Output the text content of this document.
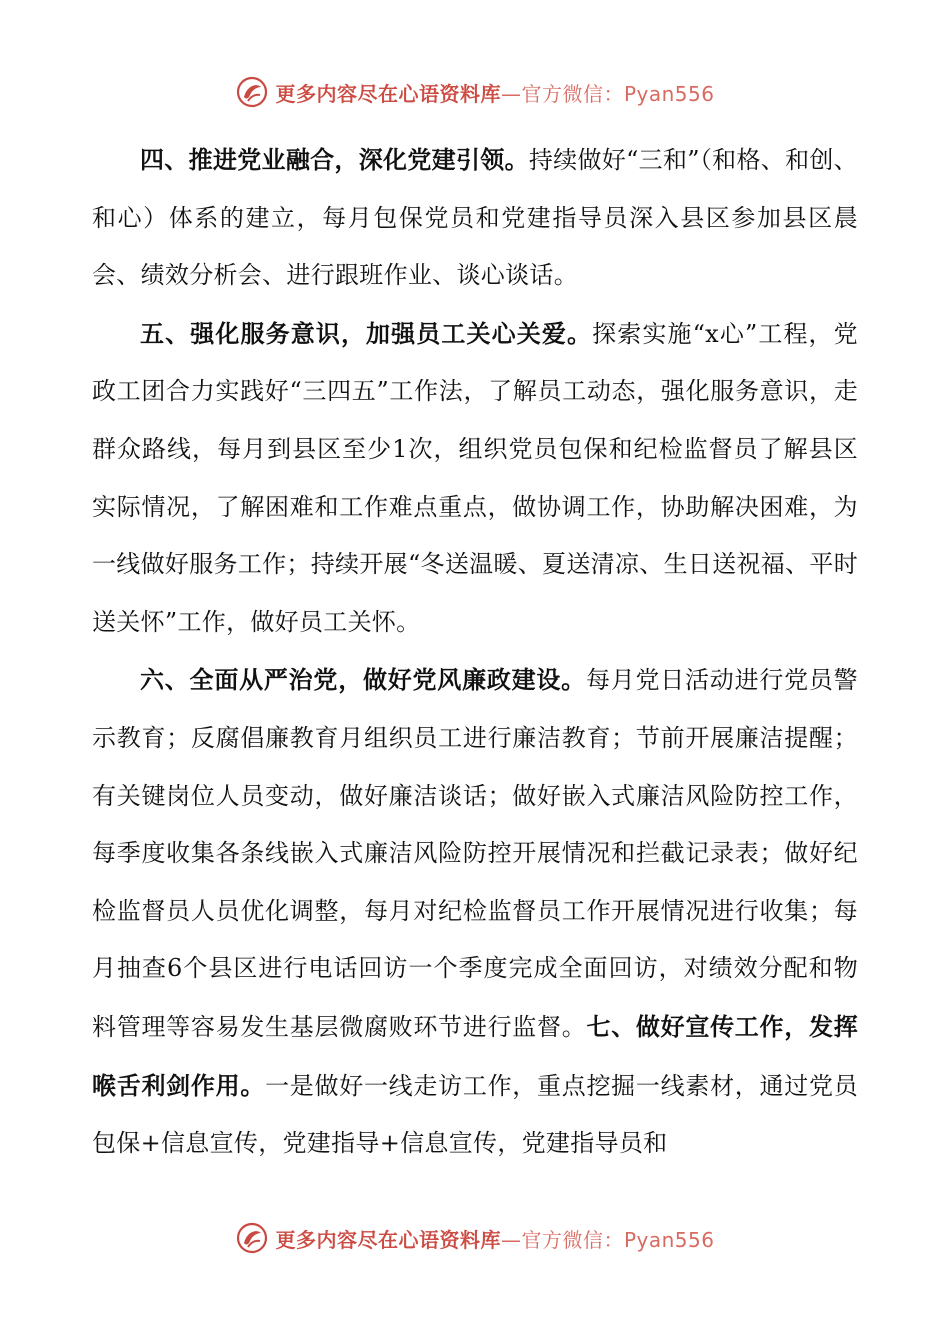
更多内容尽在心语资料库—官方微信：Pyan556

四、推进党业融合，深化党建引领。持续做好“三和”（和格、和创、和心）体系的建立，每月包保党员和党建指导员深入县区参加县区晨会、绩效分析会、进行跟班作业、谈心谈话。

五、强化服务意识，加强员工关心关爱。探索实施“x心”工程，党政工团合力实践好“三四五”工作法，了解员工动态，强化服务意识，走群众路线，每月到县区至少1次，组织党员包保和纪检监督员了解县区实际情况，了解困难和工作难点重点，做协调工作，协助解决困难，为一线做好服务工作；持续开展“冬送温暖、夏送清凉、生日送祝福、平时送关怀”工作，做好员工关怀。

六、全面从严治党，做好党风廉政建设。每月党日活动进行党员警示教育；反腐倡廉教育月组织员工进行廉洁教育；节前开展廉洁提醒；有关键岗位人员变动，做好廉洁谈话；做好嵌入式廉洁风险防控工作，每季度收集各条线嵌入式廉洁风险防控开展情况和拦截记录表；做好纪检监督员人员优化调整，每月对纪检监督员工作开展情况进行收集；每月抽查6个县区进行电话回访一个季度完成全面回访，对绩效分配和物料管理等容易发生基层微腐败环节进行监督。七、做好宣传工作，发挥喉舌利剑作用。一是做好一线走访工作，重点挖掘一线素材，通过党员包保+信息宣传，党建指导+信息宣传，党建指导员和

更多内容尽在心语资料库—官方微信：Pyan556
